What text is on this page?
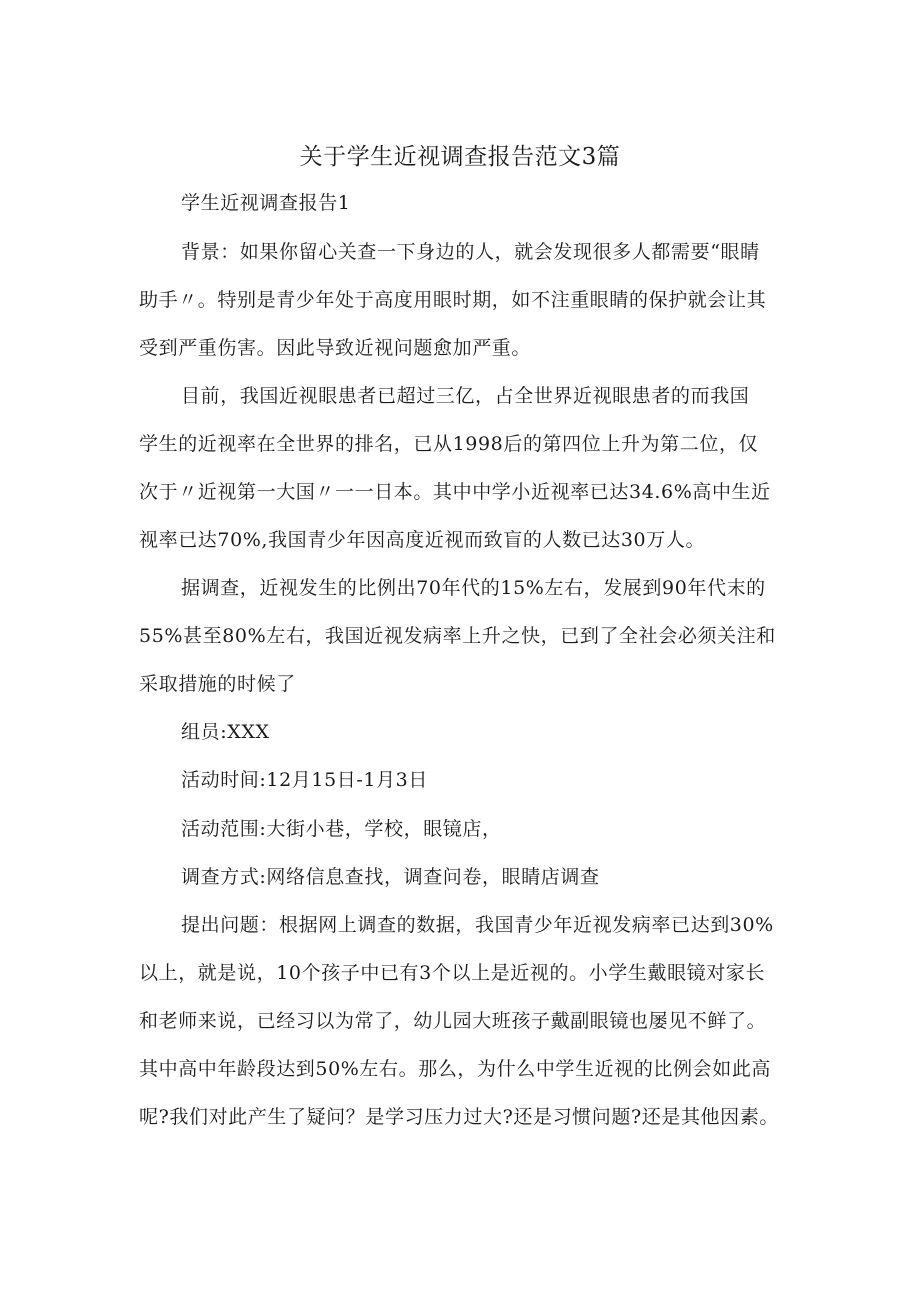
关于学生近视调查报告范文3篇
学生近视调查报告1
背景：如果你留心关查一下身边的人，就会发现很多人都需要“眼睛
助手〃。特别是青少年处于高度用眼时期，如不注重眼睛的保护就会让其
受到严重伤害。因此导致近视问题愈加严重。
目前，我国近视眼患者已超过三亿，占全世界近视眼患者的而我国
学生的近视率在全世界的排名，已从1998后的第四位上升为第二位，仅
次于〃近视第一大国〃一一日本。其中中学小近视率已达34.6%高中生近
视率已达70%,我国青少年因高度近视而致盲的人数已达30万人。
据调查，近视发生的比例出70年代的15%左右，发展到90年代末的
55%甚至80%左右，我国近视发病率上升之快，已到了全社会必须关注和
采取措施的时候了
组员:XXX
活动时间:12月15日-1月3日
活动范围:大街小巷，学校，眼镜店，
调查方式:网络信息查找，调查问卷，眼睛店调查
提出问题：根据网上调查的数据，我国青少年近视发病率已达到30%
以上，就是说，10个孩子中已有3个以上是近视的。小学生戴眼镜对家长
和老师来说，已经习以为常了，幼儿园大班孩子戴副眼镜也屡见不鲜了。
其中高中年龄段达到50%左右。那么，为什么中学生近视的比例会如此高
呢?我们对此产生了疑问？是学习压力过大?还是习惯问题?还是其他因素。
